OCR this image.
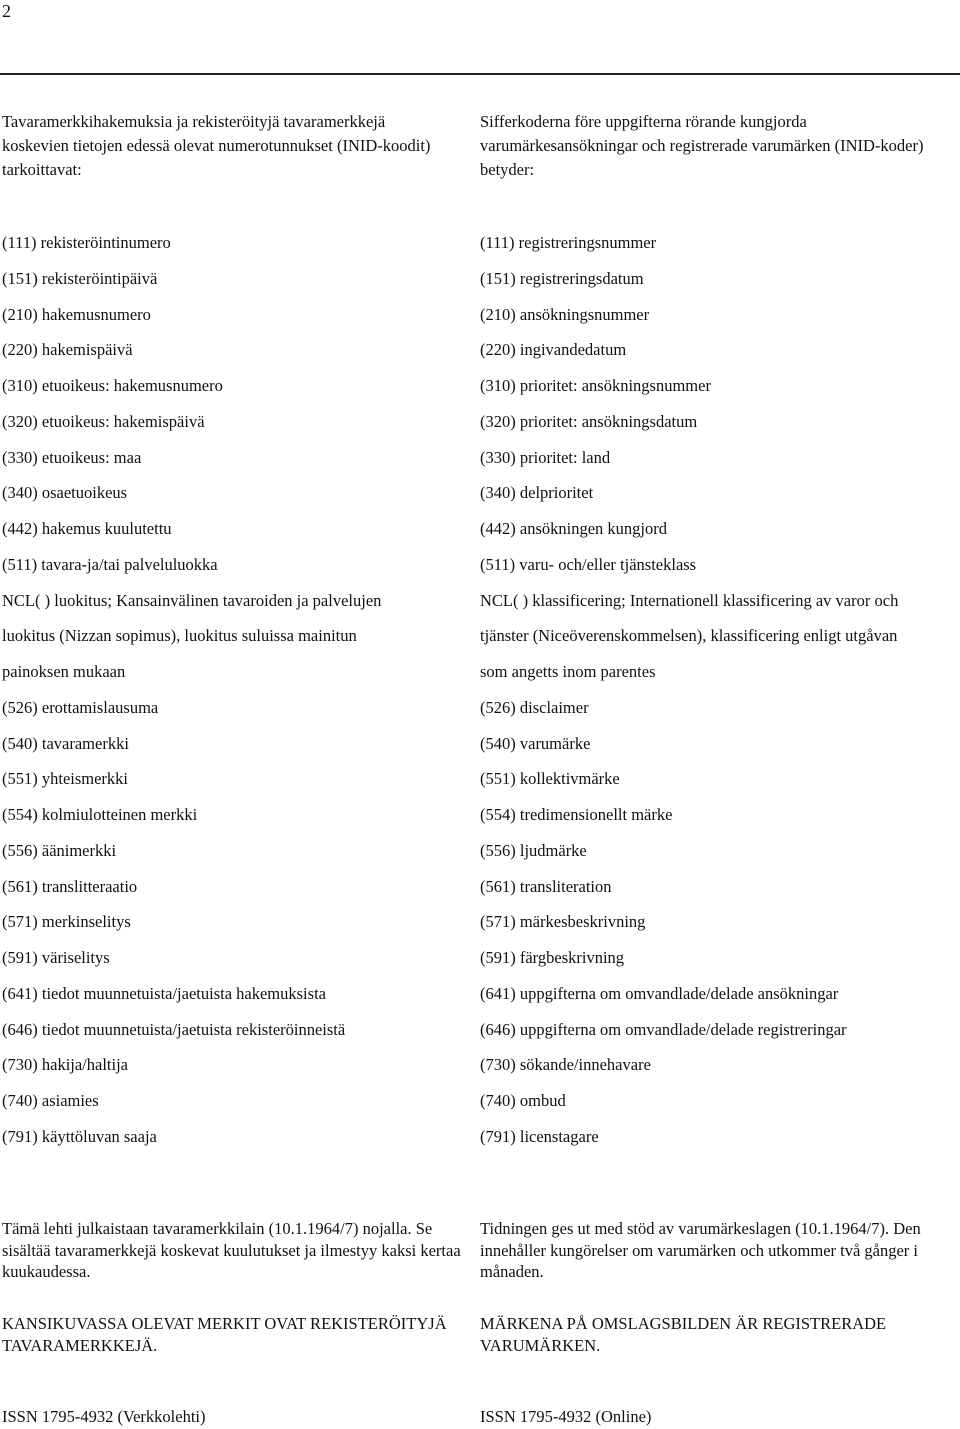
2
Tavaramerkkihakemuksia ja rekisteröityjä tavaramerkkejä koskevien tietojen edessä olevat numerotunnukset (INID-koodit) tarkoittavat:
Sifferkoderna före uppgifterna rörande kungjorda varumärkesansökningar och registrerade varumärken (INID-koder) betyder:
(111) rekisteröintinumero
(151) rekisteröintipäivä
(210) hakemusnumero
(220) hakemispäivä
(310) etuoikeus: hakemusnumero
(320) etuoikeus: hakemispäivä
(330) etuoikeus: maa
(340) osaetuoikeus
(442) hakemus kuulutettu
(511) tavara-ja/tai palveluluokka
NCL( ) luokitus; Kansainvälinen tavaroiden ja palvelujen
luokitus (Nizzan sopimus), luokitus suluissa mainitun
painoksen mukaan
(526) erottamislausuma
(540) tavaramerkki
(551) yhteismerkki
(554) kolmiulotteinen merkki
(556) äänimerkki
(561) translitteraatio
(571) merkinselitys
(591) väriselitys
(641) tiedot muunnetuista/jaetuista hakemuksista
(646) tiedot muunnetuista/jaetuista rekisteröinneistä
(730) hakija/haltija
(740) asiamies
(791) käyttöluvan saaja
(111) registreringsnummer
(151) registreringsdatum
(210) ansökningsnummer
(220) ingivandedatum
(310) prioritet: ansökningsnummer
(320) prioritet: ansökningsdatum
(330) prioritet: land
(340) delprioritet
(442) ansökningen kungjord
(511) varu- och/eller tjänsteklass
NCL( ) klassificering; Internationell klassificering av varor och
tjänster (Niceöverenskommelsen), klassificering enligt utgåvan
som angetts inom parentes
(526) disclaimer
(540) varumärke
(551) kollektivmärke
(554) tredimensionellt märke
(556) ljudmärke
(561) transliteration
(571) märkesbeskrivning
(591) färgbeskrivning
(641) uppgifterna om omvandlade/delade ansökningar
(646) uppgifterna om omvandlade/delade registreringar
(730) sökande/innehavare
(740) ombud
(791) licenstagare
Tämä lehti julkaistaan tavaramerkkilain (10.1.1964/7) nojalla. Se sisältää tavaramerkkejä koskevat kuulutukset ja ilmestyy kaksi kertaa kuukaudessa.
Tidningen ges ut med stöd av varumärkeslagen (10.1.1964/7). Den innehåller kungörelser om varumärken och utkommer två gånger i månaden.
KANSIKUVASSA OLEVAT MERKIT OVAT REKISTERÖITYJÄ TAVARAMERKKEJÄ.
MÄRKENA PÅ OMSLAGSBILDEN ÄR REGISTRERADE VARUMÄRKEN.
ISSN 1795-4932 (Verkkolehti)	ISSN 1795-4932 (Online)
